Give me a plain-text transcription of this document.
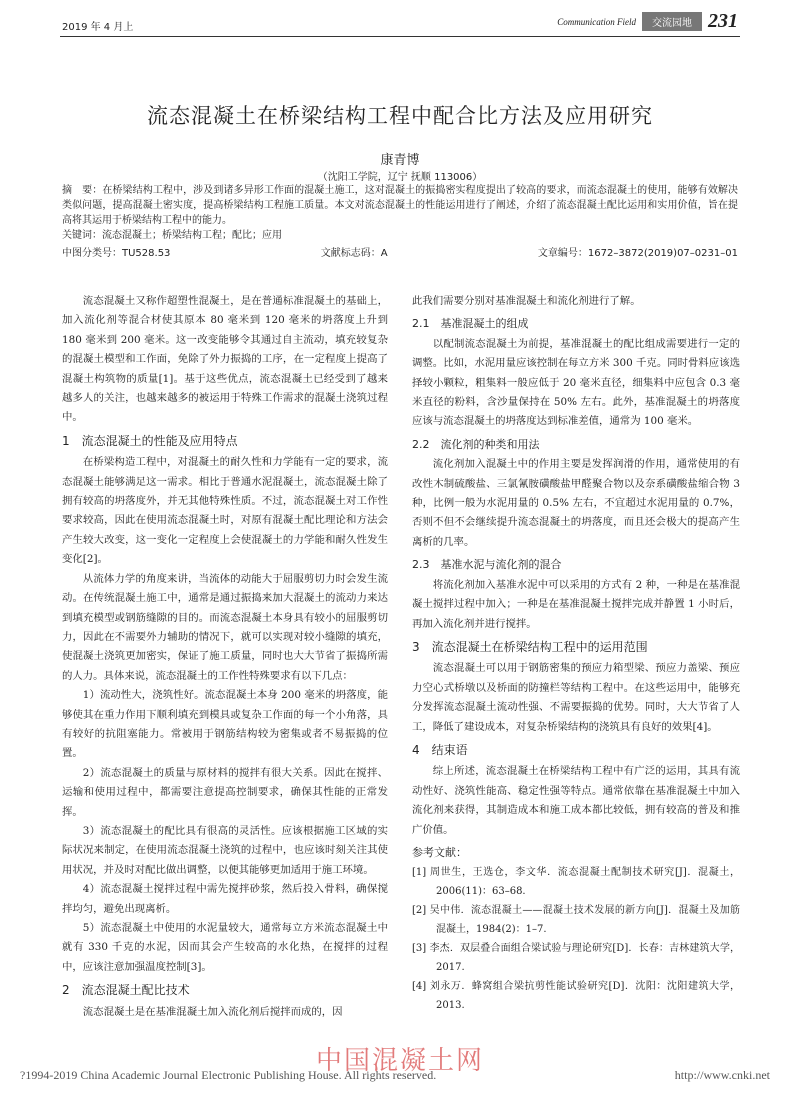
2019 年 4 月上
Communication Field	交流园地 231
流态混凝土在桥梁结构工程中配合比方法及应用研究
康青博
（沈阳工学院，辽宁 抚顺 113006）

摘　要：在桥梁结构工程中，涉及到诸多异形工作面的混凝土施工，这对混凝土的振捣密实程度提出了较高的要求，而流态混凝土的使用，能够有效解决类似问题，提高混凝土密实度，提高桥梁结构工程施工质量。本文对流态混凝土的性能运用进行了阐述，介绍了流态混凝土配比运用和实用价值，旨在提高将其运用于桥梁结构工程中的能力。

关键词：流态混凝土；桥梁结构工程；配比；应用

中图分类号：TU528.53	文献标志码：A	文章编号：1672–3872(2019)07–0231–01

流态混凝土又称作超塑性混凝土，是在普通标准混凝土的基础上，加入流化剂等混合材使其原本 80 毫米到 120 毫米的坍落度上升到 180 毫米到 200 毫米。这一改变能够令其通过自主流动，填充较复杂的混凝土模型和工作面，免除了外力振捣的工序，在一定程度上提高了混凝土构筑物的质量[1]。基于这些优点，流态混凝土已经受到了越来越多人的关注，也越来越多的被运用于特殊工作需求的混凝土浇筑过程中。

1　流态混凝土的性能及应用特点

在桥梁构造工程中，对混凝土的耐久性和力学能有一定的要求，流态混凝土能够满足这一需求。相比于普通水泥混凝土，流态混凝土除了拥有较高的坍落度外，并无其他特殊性质。不过，流态混凝土对工作性要求较高，因此在使用流态混凝土时，对原有混凝土配比理论和方法会产生较大改变，这一变化一定程度上会使混凝土的力学能和耐久性发生变化[2]。

从流体力学的角度来讲，当流体的动能大于屈服剪切力时会发生流动。在传统混凝土施工中，通常是通过振捣来加大混凝土的流动力来达到填充模型或钢筋缝隙的目的。而流态混凝土本身具有较小的屈服剪切力，因此在不需要外力辅助的情况下，就可以实现对较小缝隙的填充，使混凝土浇筑更加密实，保证了施工质量，同时也大大节省了振捣所需的人力。具体来说，流态混凝土的工作性特殊要求有以下几点：

1）流动性大，浇筑性好。流态混凝土本身 200 毫米的坍落度，能够使其在重力作用下顺利填充到模具或复杂工作面的每一个小角落，具有较好的抗阻塞能力。常被用于钢筋结构较为密集或者不易振捣的位置。

2）流态混凝土的质量与原材料的搅拌有很大关系。因此在搅拌、运输和使用过程中，都需要注意提高控制要求，确保其性能的正常发挥。

3）流态混凝土的配比具有很高的灵活性。应该根据施工区域的实际状况来制定，在使用流态混凝土浇筑的过程中，也应该时刻关注其使用状况，并及时对配比做出调整，以便其能够更加适用于施工环境。

4）流态混凝土搅拌过程中需先搅拌砂浆，然后投入骨料，确保搅拌均匀，避免出现离析。

5）流态混凝土中使用的水泥量较大，通常每立方米流态混凝土中就有 330 千克的水泥，因而其会产生较高的水化热，在搅拌的过程中，应该注意加强温度控制[3]。

2　流态混凝土配比技术

流态混凝土是在基准混凝土加入流化剂后搅拌而成的，因

此我们需要分别对基准混凝土和流化剂进行了解。

2.1　基准混凝土的组成

以配制流态混凝土为前提，基准混凝土的配比组成需要进行一定的调整。比如，水泥用量应该控制在每立方米 300 千克。同时骨料应该选择较小颗粒，粗集料一般应低于 20 毫米直径，细集料中应包含 0.3 毫米直径的粉料，含沙量保持在 50% 左右。此外，基准混凝土的坍落度应该与流态混凝土的坍落度达到标准差值，通常为 100 毫米。

2.2　流化剂的种类和用法

流化剂加入混凝土中的作用主要是发挥润滑的作用，通常使用的有改性木制硫酸盐、三氯氰胺磺酸盐甲醛聚合物以及奈系磺酸盐缩合物 3 种，比例一般为水泥用量的 0.5% 左右，不宜超过水泥用量的 0.7%，否则不但不会继续提升流态混凝土的坍落度，而且还会极大的提高产生离析的几率。

2.3　基准水泥与流化剂的混合

将流化剂加入基准水泥中可以采用的方式有 2 种，一种是在基准混凝土搅拌过程中加入；一种是在基准混凝土搅拌完成并静置 1 小时后，再加入流化剂并进行搅拌。

3　流态混凝土在桥梁结构工程中的运用范围

流态混凝土可以用于钢筋密集的预应力箱型梁、预应力盖梁、预应力空心式桥墩以及桥面的防撞栏等结构工程中。在这些运用中，能够充分发挥流态混凝土流动性强、不需要振捣的优势。同时，大大节省了人工，降低了建设成本，对复杂桥梁结构的浇筑具有良好的效果[4]。

4　结束语

综上所述，流态混凝土在桥梁结构工程中有广泛的运用，其具有流动性好、浇筑性能高、稳定性强等特点。通常依靠在基准混凝土中加入流化剂来获得，其制造成本和施工成本都比较低，拥有较高的普及和推广价值。

参考文献：
[1] 周世生，王选仓，李文华．流态混凝土配制技术研究[J]．混凝土，2006(11)：63–68.
[2] 吴中伟．流态混凝土——混凝土技术发展的新方向[J]．混凝土及加筋混凝土，1984(2)：1–7.
[3] 李杰．双层叠合面组合梁试验与理论研究[D]．长春：吉林建筑大学，2017.
[4] 刘永万．蜂窝组合梁抗剪性能试验研究[D]．沈阳：沈阳建筑大学，2013.
中国混凝土网
?1994-2019 China Academic Journal Electronic Publishing House. All rights reserved.	http://www.cnki.net
